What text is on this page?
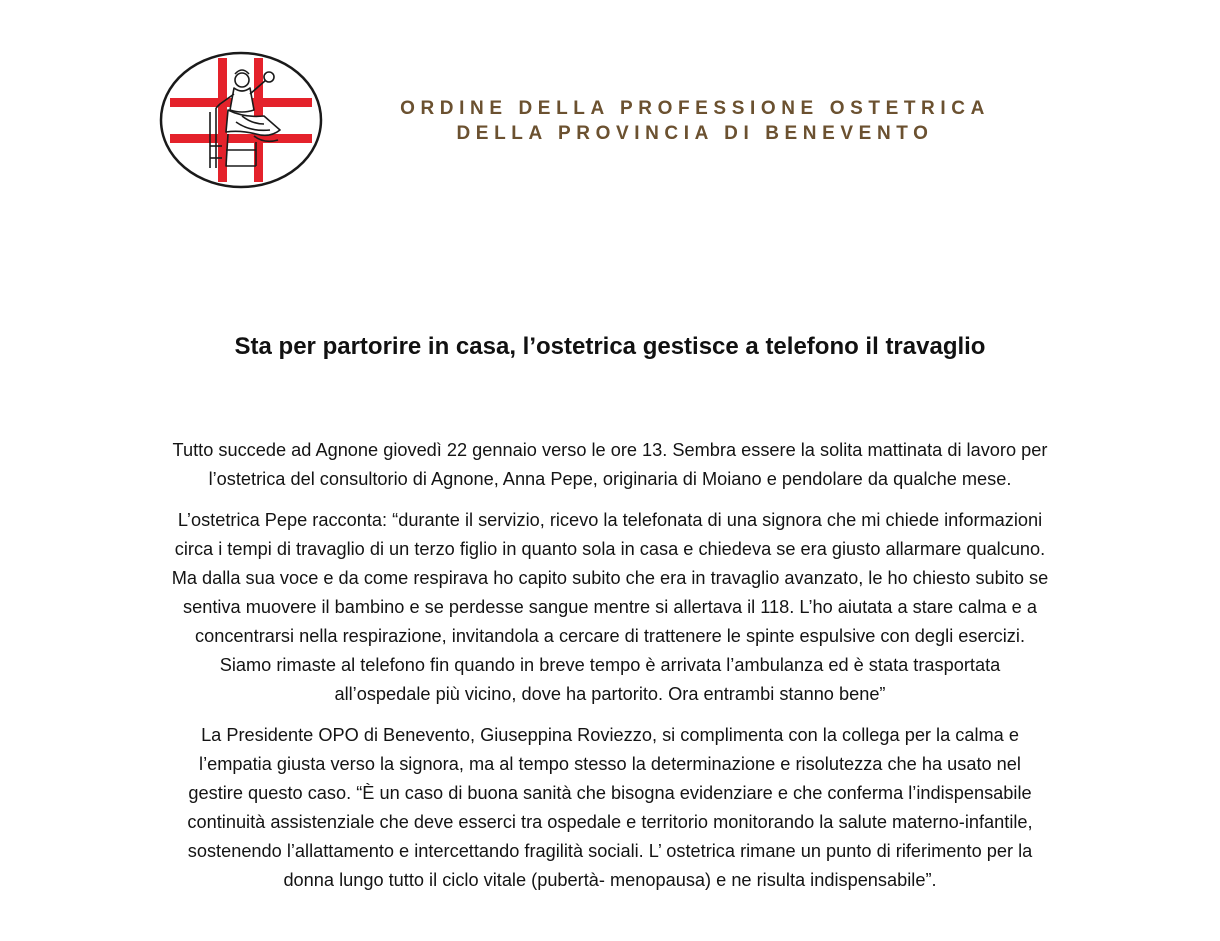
ORDINE DELLA PROFESSIONE OSTETRICA
DELLA PROVINCIA DI BENEVENTO
Sta per partorire in casa, l’ostetrica gestisce a telefono il travaglio

Tutto succede ad Agnone giovedì 22 gennaio verso le ore 13. Sembra essere la solita mattinata di lavoro per
l’ostetrica del consultorio di Agnone, Anna Pepe, originaria di Moiano e pendolare da qualche mese.

L’ostetrica Pepe racconta: “durante il servizio, ricevo la telefonata di una signora che mi chiede informazioni
circa i tempi di travaglio di un terzo figlio in quanto sola in casa e chiedeva se era giusto allarmare qualcuno.
Ma dalla sua voce e da come respirava ho capito subito che era in travaglio avanzato, le ho chiesto subito se
sentiva muovere il bambino e se perdesse sangue mentre si allertava il 118. L’ho aiutata a stare calma e a
concentrarsi nella respirazione, invitandola a cercare di trattenere le spinte espulsive con degli esercizi.
Siamo rimaste al telefono fin quando in breve tempo è arrivata l’ambulanza ed è stata trasportata
all’ospedale più vicino, dove ha partorito. Ora entrambi stanno bene”

La Presidente OPO di Benevento, Giuseppina Roviezzo, si complimenta con la collega per la calma e
l’empatia giusta verso la signora, ma al tempo stesso la determinazione e risolutezza che ha usato nel
gestire questo caso. “È un caso di buona sanità che bisogna evidenziare e che conferma l’indispensabile
continuità assistenziale che deve esserci tra ospedale e territorio monitorando la salute materno-infantile,
sostenendo l’allattamento e intercettando fragilità sociali. L’ ostetrica rimane un punto di riferimento per la
donna lungo tutto il ciclo vitale (pubertà- menopausa) e ne risulta indispensabile”.
